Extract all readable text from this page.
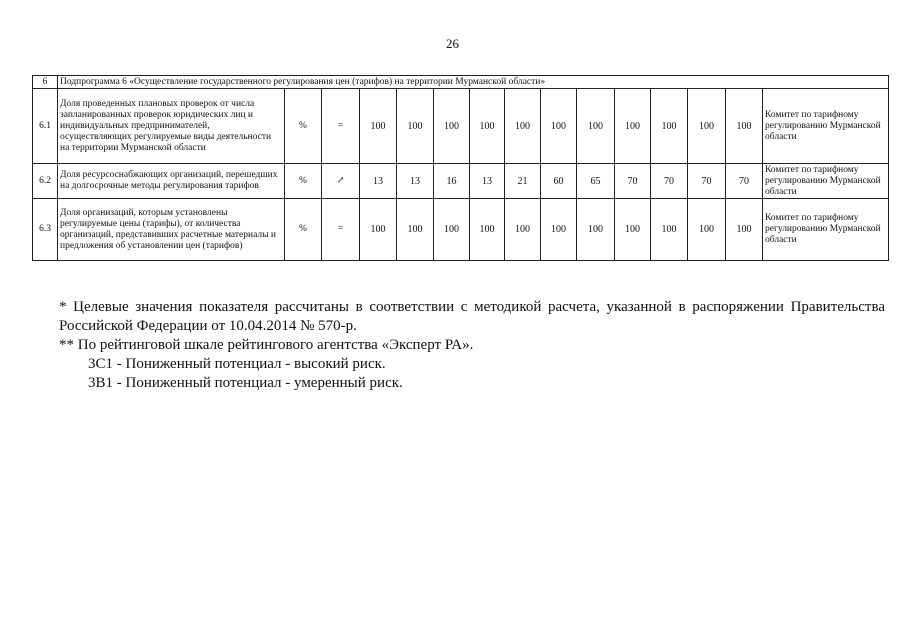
26
6	Подпрограмма 6 «Осуществление государственного регулирования цен (тарифов) на территории Мурманской области»														
6.1	Доля проведенных плановых проверок от числа запланированных проверок юридических лиц и индивидуальных предпринимателей, осуществляющих регулируемые виды деятельности на территории Мурманской области	%	=	100	100	100	100	100	100	100	100	100	100	100	Комитет по тарифному регулированию Мурманской области
6.2	Доля ресурсоснабжающих организаций, перешедших на долгосрочные методы регулирования тарифов	%	↗	13	13	16	13	21	60	65	70	70	70	70	Комитет по тарифному регулированию Мурманской области
6.3	Доля организаций, которым установлены регулируемые цены (тарифы), от количества организаций, представивших расчетные материалы и предложения об установлении цен (тарифов)	%	=	100	100	100	100	100	100	100	100	100	100	100	Комитет по тарифному регулированию Мурманской области

* Целевые значения показателя рассчитаны в соответствии с методикой расчета, указанной в распоряжении Правительства Российской Федерации от 10.04.2014 № 570-р.

** По рейтинговой шкале рейтингового агентства «Эксперт РА».

3C1 - Пониженный потенциал - высокий риск.

3B1 - Пониженный потенциал - умеренный риск.
